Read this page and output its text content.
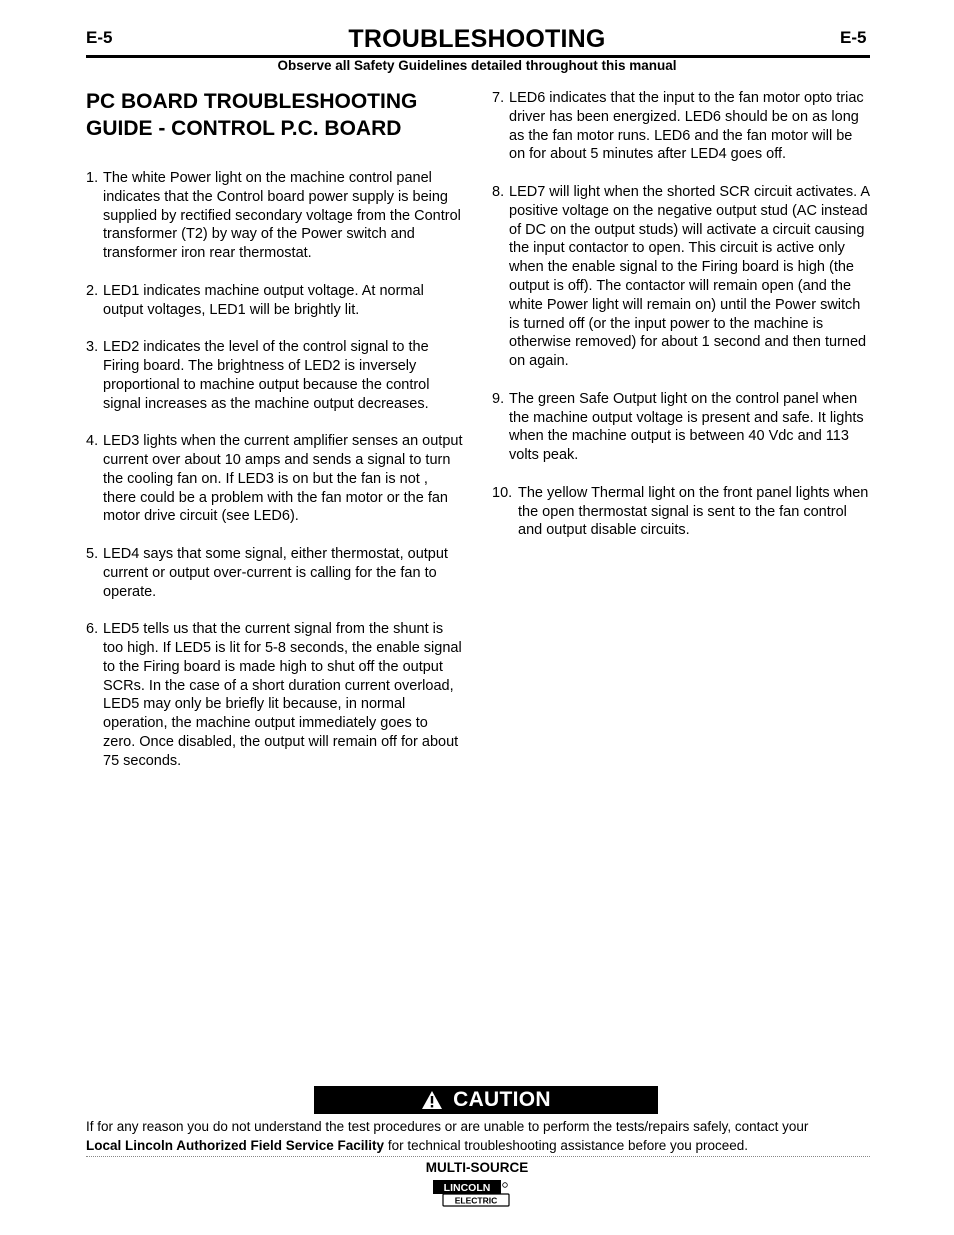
E-5	TROUBLESHOOTING	E-5
Observe all Safety Guidelines detailed throughout this manual
PC BOARD TROUBLESHOOTING
GUIDE - CONTROL P.C. BOARD
1. The white Power light on the machine control panel indicates that the Control board power supply is being supplied by rectified secondary voltage from the Control transformer (T2) by way of the Power switch and transformer iron rear thermostat.
2. LED1 indicates machine output voltage. At normal output voltages, LED1 will be brightly lit.
3. LED2 indicates the level of the control signal to the Firing board. The brightness of LED2 is inversely proportional to machine output because the control signal increases as the machine output decreases.
4. LED3 lights when the current amplifier senses an output current over about 10 amps and sends a signal to turn the cooling fan on. If LED3 is on but the fan is not , there could be a problem with the fan motor or the fan motor drive circuit (see LED6).
5. LED4 says that some signal, either thermostat, output current or output over-current is calling for the fan to operate.
6. LED5 tells us that the current signal from the shunt is too high. If LED5 is lit for 5-8 seconds, the enable signal to the Firing board is made high to shut off the output SCRs. In the case of a short duration current overload, LED5 may only be briefly lit because, in normal operation, the machine output immediately goes to zero. Once disabled, the output will remain off for about 75 seconds.
7. LED6 indicates that the input to the fan motor opto triac driver has been energized. LED6 should be on as long as the fan motor runs. LED6 and the fan motor will be on for about 5 minutes after LED4 goes off.
8. LED7 will light when the shorted SCR circuit activates. A positive voltage on the negative output stud (AC instead of DC on the output studs) will activate a circuit causing the input contactor to open. This circuit is active only when the enable signal to the Firing board is high (the output is off). The contactor will remain open (and the white Power light will remain on) until the Power switch is turned off (or the input power to the machine is otherwise removed) for about 1 second and then turned on again.
9. The green Safe Output light on the control panel when the machine output voltage is present and safe. It lights when the machine output is between 40 Vdc and 113 volts peak.
10. The yellow Thermal light on the front panel lights when the open thermostat signal is sent to the fan control and output disable circuits.
CAUTION
If for any reason you do not understand the test procedures or are unable to perform the tests/repairs safely, contact your
Local Lincoln Authorized Field Service Facility for technical troubleshooting assistance before you proceed.
MULTI-SOURCE
LINCOLN
ELECTRIC
